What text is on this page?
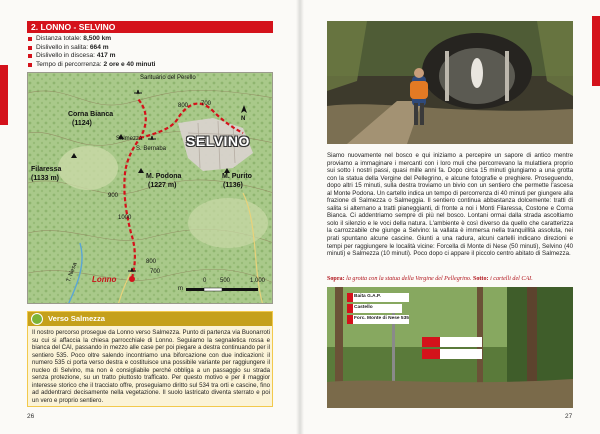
2. LONNO - SELVINO
Distanza totale: 8,500 km
Dislivello in salita: 664 m
Dislivello in discesa: 417 m
Tempo di percorrenza: 2 ore e 40 minuti
N
Santuario del Perello
Corna Bianca
(1124)
Salmezza
S. Bernaba SELVINO
Filaressa
(1133 m)	M. Podona
(1227 m)
M. Purito
(1136)
Lonno
T. Nesa
700
800
900
1000
800
700
0 500	1.000
m
Verso Salmezza
Il nostro percorso prosegue da Lonno verso Salmezza. Punto di partenza via Buonarroti su cui si affaccia la chiesa parrocchiale di Lonno. Seguiamo la segnaletica rossa e bianca del CAI, passando in mezzo alle case per poi piegare a destra continuando per il sentiero 535. Poco oltre salendo incontriamo una biforcazione con due indicazioni: il numero 535 ci porta verso destra e costituisce una possibile variante per raggiungere il nucleo di Selvino, ma non è consigliabile perché obbliga a un passaggio su strada senza protezione, su un tratto piuttosto trafficato. Per questo motivo e per il maggior interesse storico che il tracciato offre, proseguiamo diritto sul 534 tra orti e cascine, fino ad addentrarci decisamente nella vegetazione. Il suolo lastricato diventa sterrato e poi un vero e proprio sentiero.
26
Siamo nuovamente nel bosco e qui iniziamo a percepire un sapore di antico mentre proviamo a immaginare i mercanti con i loro muli che percorrevano la mulattiera proprio sui sotto i nostri passi, quasi mille anni fa. Dopo circa 15 minuti giungiamo a una grotta con la statua della Vergine del Pellegrino, e alcune fotografie e preghiere. Proseguendo, dopo altri 15 minuti, sulla destra troviamo un bivio con un sentiero che permette l'ascesa al Monte Podona. Un cartello indica un tempo di percorrenza di 40 minuti per giungere alla frazione di Salmezza o Salmeggia. Il sentiero continua abbastanza dolcemente: tratti di salita si alternano a tratti pianeggianti, di fronte a noi i Monti Filaressa, Costone e Corna Bianca. Ci addentriamo sempre di più nel bosco. Lontani ormai dalla strada ascoltiamo solo il silenzio e le voci della natura. L'ambiente è così diverso da quello che caratterizza la carrozzabile che giunge a Selvino: la vallata è immersa nella tranquillità assoluta, nei prati spuntano alcune cascine. Giunti a una radura, alcuni cartelli indicano direzioni e tempi per raggiungere le località vicine: Forcella di Monte di Nese (50 minuti), Selvino (40 minuti) e Salmezza (10 minuti). Poco dopo ci appare il piccolo centro abitato di Salmezza.
Sopra: la grotta con la statua della Vergine del Pellegrino. Sotto: i cartelli del CAI.
Baita G.A.P.
Castello
Forc. Monte di Nese 535
27
